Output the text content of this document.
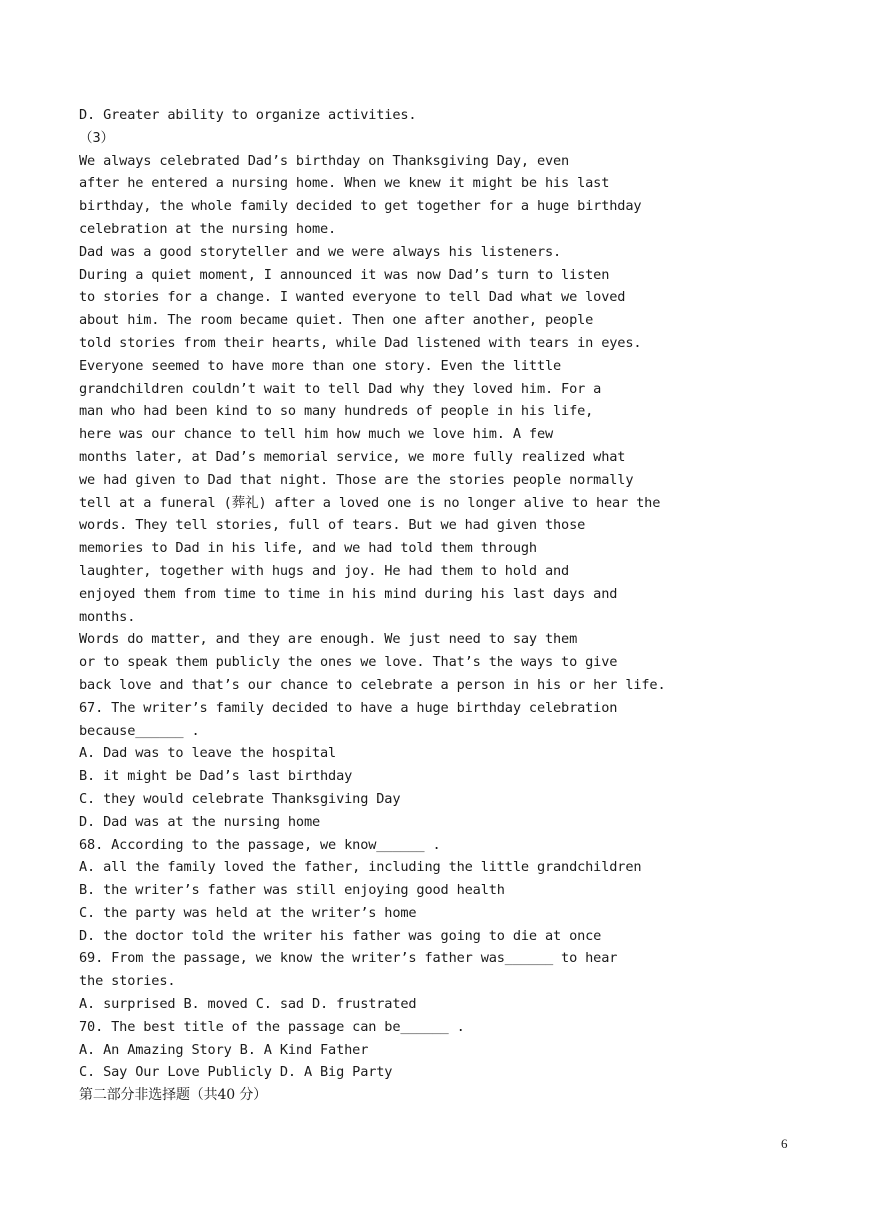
D. Greater ability to organize activities.
（3）
We always celebrated Dad’s birthday on Thanksgiving Day, even
after he entered a nursing home. When we knew it might be his last
birthday, the whole family decided to get together for a huge birthday
celebration at the nursing home.
Dad was a good storyteller and we were always his listeners.
During a quiet moment, I announced it was now Dad’s turn to listen
to stories for a change. I wanted everyone to tell Dad what we loved
about him. The room became quiet. Then one after another, people
told stories from their hearts, while Dad listened with tears in eyes.
Everyone seemed to have more than one story. Even the little
grandchildren couldn’t wait to tell Dad why they loved him. For a
man who had been kind to so many hundreds of people in his life,
here was our chance to tell him how much we love him. A few
months later, at Dad’s memorial service, we more fully realized what
we had given to Dad that night. Those are the stories people normally
tell at a funeral (葬礼) after a loved one is no longer alive to hear the
words. They tell stories, full of tears. But we had given those
memories to Dad in his life, and we had told them through
laughter, together with hugs and joy. He had them to hold and
enjoyed them from time to time in his mind during his last days and
months.
Words do matter, and they are enough. We just need to say them
or to speak them publicly the ones we love. That’s the ways to give
back love and that’s our chance to celebrate a person in his or her life.
67. The writer’s family decided to have a huge birthday celebration
because______ .
A. Dad was to leave the hospital
B. it might be Dad’s last birthday
C. they would celebrate Thanksgiving Day
D. Dad was at the nursing home
68. According to the passage, we know______ .
A. all the family loved the father, including the little grandchildren
B. the writer’s father was still enjoying good health
C. the party was held at the writer’s home
D. the doctor told the writer his father was going to die at once
69. From the passage, we know the writer’s father was______ to hear
the stories.
A. surprised B. moved C. sad D. frustrated
70. The best title of the passage can be______ .
A. An Amazing Story B. A Kind Father
C. Say Our Love Publicly D. A Big Party
第二部分非选择题（共40 分）
6
